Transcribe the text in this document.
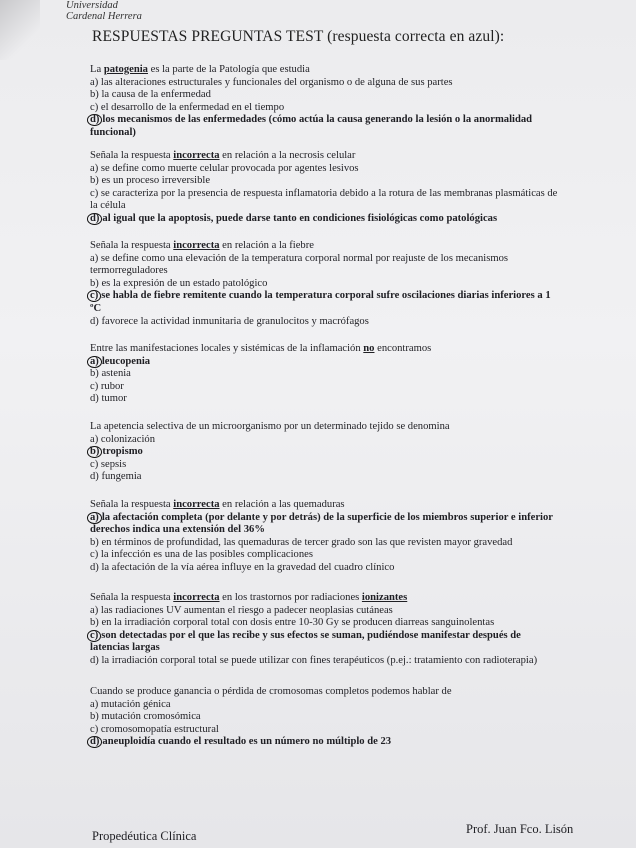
Universidad
Cardenal Herrera
RESPUESTAS PREGUNTAS TEST (respuesta correcta en azul):
La patogenia es la parte de la Patología que estudia
a) las alteraciones estructurales y funcionales del organismo o de alguna de sus partes
b) la causa de la enfermedad
c) el desarrollo de la enfermedad en el tiempo
d) los mecanismos de las enfermedades (cómo actúa la causa generando la lesión o la anormalidad funcional)
Señala la respuesta incorrecta en relación a la necrosis celular
a) se define como muerte celular provocada por agentes lesivos
b) es un proceso irreversible
c) se caracteriza por la presencia de respuesta inflamatoria debido a la rotura de las membranas plasmáticas de la célula
d) al igual que la apoptosis, puede darse tanto en condiciones fisiológicas como patológicas
Señala la respuesta incorrecta en relación a la fiebre
a) se define como una elevación de la temperatura corporal normal por reajuste de los mecanismos termorreguladores
b) es la expresión de un estado patológico
c) se habla de fiebre remitente cuando la temperatura corporal sufre oscilaciones diarias inferiores a 1 ºC
d) favorece la actividad inmunitaria de granulocitos y macrófagos
Entre las manifestaciones locales y sistémicas de la inflamación no encontramos
a) leucopenia
b) astenia
c) rubor
d) tumor
La apetencia selectiva de un microorganismo por un determinado tejido se denomina
a) colonización
b) tropismo
c) sepsis
d) fungemia
Señala la respuesta incorrecta en relación a las quemaduras
a) la afectación completa (por delante y por detrás) de la superficie de los miembros superior e inferior derechos indica una extensión del 36%
b) en términos de profundidad, las quemaduras de tercer grado son las que revisten mayor gravedad
c) la infección es una de las posibles complicaciones
d) la afectación de la vía aérea influye en la gravedad del cuadro clínico
Señala la respuesta incorrecta en los trastornos por radiaciones ionizantes
a) las radiaciones UV aumentan el riesgo a padecer neoplasias cutáneas
b) en la irradiación corporal total con dosis entre 10-30 Gy se producen diarreas sanguinolentas
c) son detectadas por el que las recibe y sus efectos se suman, pudiéndose manifestar después de latencias largas
d) la irradiación corporal total se puede utilizar con fines terapéuticos (p.ej.: tratamiento con radioterapia)
Cuando se produce ganancia o pérdida de cromosomas completos podemos hablar de
a) mutación génica
b) mutación cromosómica
c) cromosomopatía estructural
d) aneuploidía cuando el resultado es un número no múltiplo de 23
Propedéutica Clínica	Prof. Juan Fco. Lisón
